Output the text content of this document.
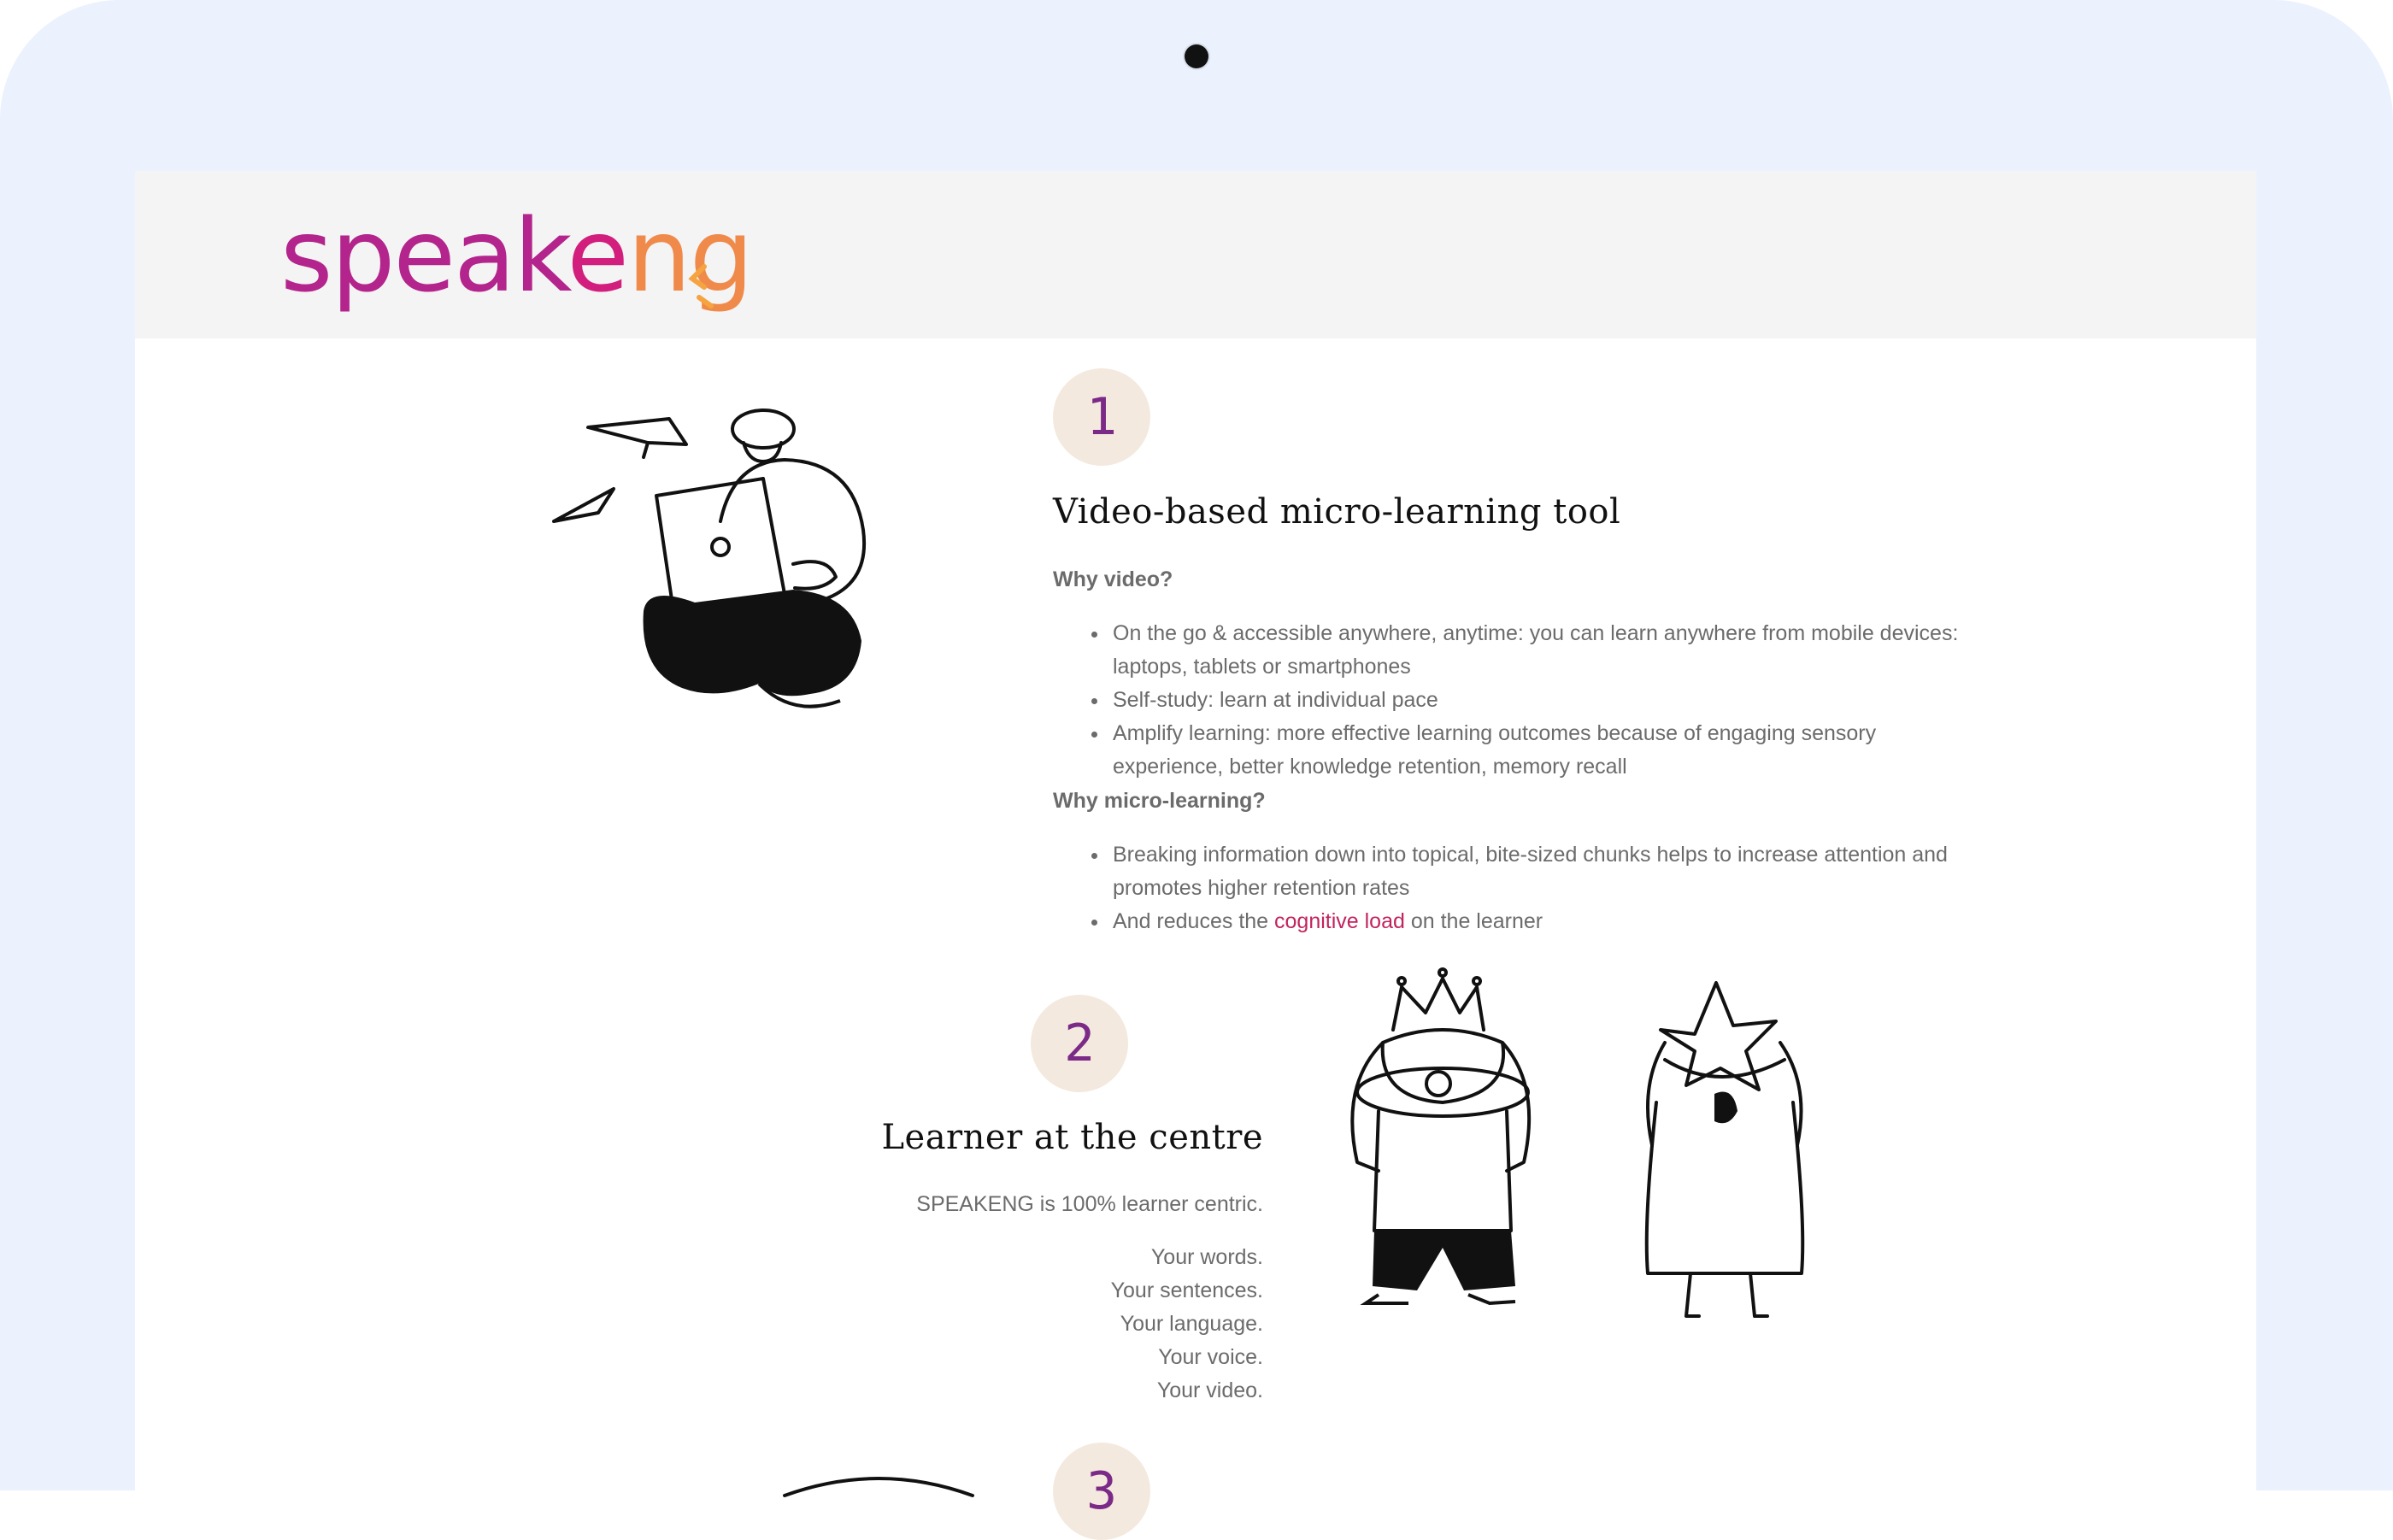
speakeng
1
Video-based micro-learning tool
Why video?
• On the go & accessible anywhere, anytime: you can learn anywhere from mobile devices: laptops, tablets or smartphones
• Self-study: learn at individual pace
• Amplify learning: more effective learning outcomes because of engaging sensory experience, better knowledge retention, memory recall
Why micro-learning?
• Breaking information down into topical, bite-sized chunks helps to increase attention and promotes higher retention rates
• And reduces the cognitive load on the learner
2
Learner at the centre

SPEAKENG is 100% learner centric.

Your words.

Your sentences.

Your language.

Your voice.

Your video.

3
